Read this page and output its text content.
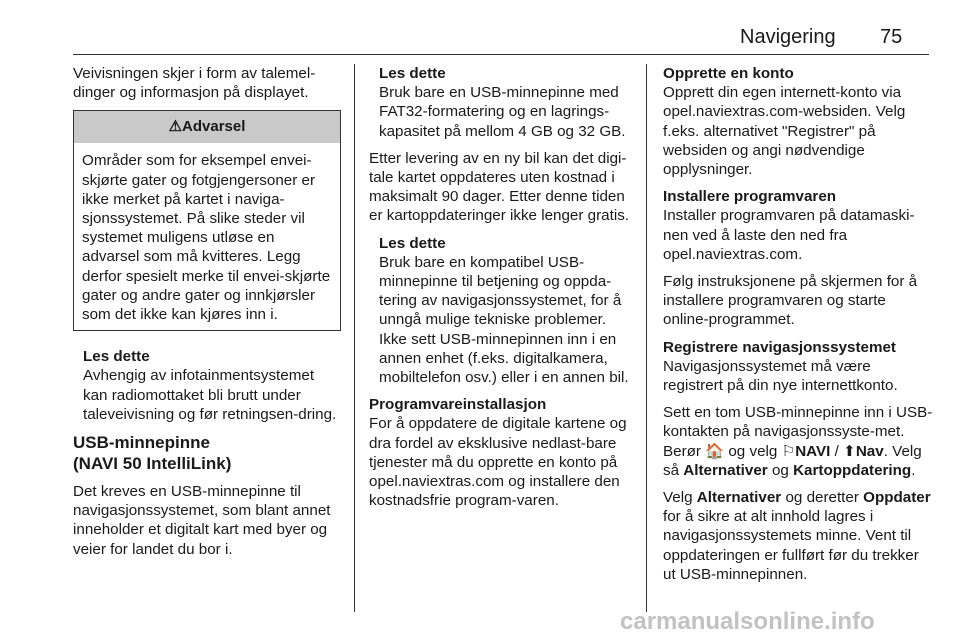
Navigering 75

Veivisningen skjer i form av talemel-dinger og informasjon på displayet.

⚠Advarsel
Områder som for eksempel envei-skjørte gater og fotgjengersoner er ikke merket på kartet i naviga-sjonssystemet. På slike steder vil systemet muligens utløse en advarsel som må kvitteres. Legg derfor spesielt merke til envei-skjørte gater og andre gater og innkjørsler som det ikke kan kjøres inn i.
Les dette
Avhengig av infotainmentsystemet kan radiomottaket bli brutt under taleveivisning og før retningsen-dring.
USB-minnepinne
(NAVI 50 IntelliLink)

Det kreves en USB-minnepinne til navigasjonssystemet, som blant annet inneholder et digitalt kart med byer og veier for landet du bor i.

Les dette
Bruk bare en USB-minnepinne med FAT32-formatering og en lagrings-kapasitet på mellom 4 GB og 32 GB.

Etter levering av en ny bil kan det digi-tale kartet oppdateres uten kostnad i maksimalt 90 dager. Etter denne tiden er kartoppdateringer ikke lenger gratis.

Les dette
Bruk bare en kompatibel USB-minnepinne til betjening og oppda-tering av navigasjonssystemet, for å unngå mulige tekniske problemer. Ikke sett USB-minnepinnen inn i en annen enhet (f.eks. digitalkamera, mobiltelefon osv.) eller i en annen bil.
Programvareinstallasjon

For å oppdatere de digitale kartene og dra fordel av eksklusive nedlast-bare tjenester må du opprette en konto på opel.naviextras.com og installere den kostnadsfrie program-varen.

Opprette en konto

Opprett din egen internett-konto via opel.naviextras.com-websiden. Velg f.eks. alternativet "Registrer" på websiden og angi nødvendige opplysninger.

Installere programvaren

Installer programvaren på datamaski-nen ved å laste den ned fra opel.naviextras.com.

Følg instruksjonene på skjermen for å installere programvaren og starte online-programmet.

Registrere navigasjonssystemet

Navigasjonssystemet må være registrert på din nye internettkonto.

Sett en tom USB-minnepinne inn i USB-kontakten på navigasjonssyste-met. Berør 🏠 og velg ⚐NAVI / ⬆Nav. Velg så Alternativer og Kartoppdatering.

Velg Alternativer og deretter Oppdater for å sikre at alt innhold lagres i navigasjonssystemets minne. Vent til oppdateringen er fullført før du trekker ut USB-minnepinnen.

carmanualsonline.info
